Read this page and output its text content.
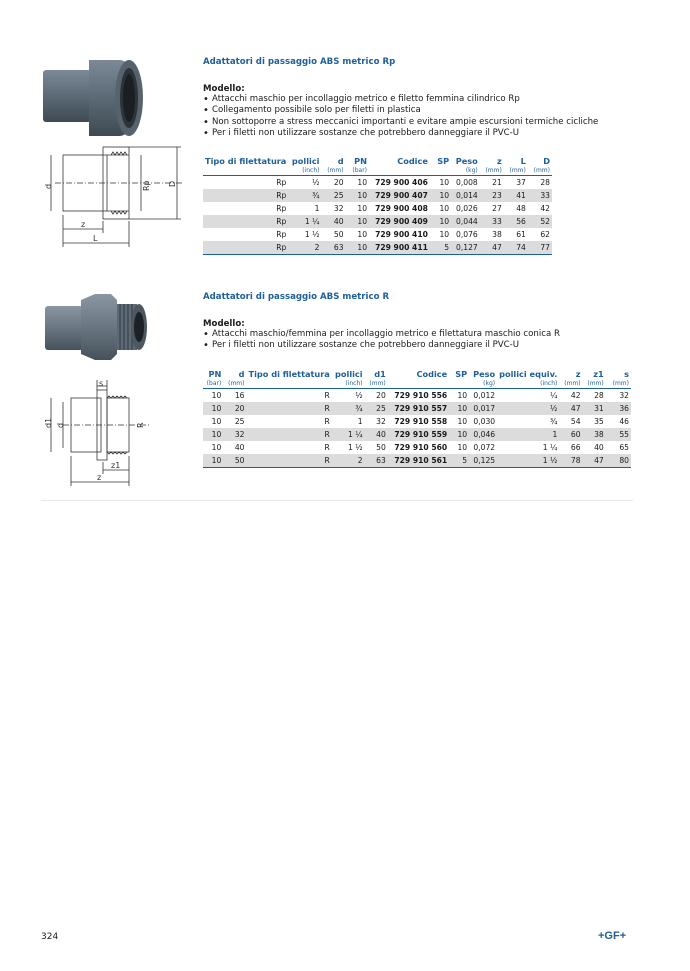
d	Rp D
z
L
Adattatori di passaggio ABS metrico Rp
Modello:
• Attacchi maschio per incollaggio metrico e filetto femmina cilindrico Rp
• Collegamento possibile solo per filetti in plastica
• Non sottoporre a stress meccanici importanti e evitare ampie escursioni termiche cicliche
• Per i filetti non utilizzare sostanze che potrebbero danneggiare il PVC-U
Tipo di filettatura	pollici	d	PN	Codice	SP	Peso	z	L	D
	(inch)	(mm)	(bar)			(kg)	(mm)	(mm)	(mm)
Rp	½	20	10	729 900 406	10	0,008	21	37	28
Rp	¾	25	10	729 900 407	10	0,014	23	41	33
Rp	1	32	10	729 900 408	10	0,026	27	48	42
Rp	1 ¼	40	10	729 900 409	10	0,044	33	56	52
Rp	1 ½	50	10	729 900 410	10	0,076	38	61	62
Rp	2	63	10	729 900 411	5	0,127	47	74	77
s
d1 d	R
z1
z
Adattatori di passaggio ABS metrico R
Modello:
• Attacchi maschio/femmina per incollaggio metrico e filettatura maschio conica R
• Per i filetti non utilizzare sostanze che potrebbero danneggiare il PVC-U
PN	d	Tipo di filettatura	pollici	d1	Codice	SP	Peso	pollici equiv.	z	z1	s
(bar)	(mm)		(inch)	(mm)			(kg)	(inch)	(mm)	(mm)	(mm)
10	16	R	½	20	729 910 556	10	0,012	¼	42	28	32
10	20	R	¾	25	729 910 557	10	0,017	½	47	31	36
10	25	R	1	32	729 910 558	10	0,030	¾	54	35	46
10	32	R	1 ¼	40	729 910 559	10	0,046	1	60	38	55
10	40	R	1 ½	50	729 910 560	10	0,072	1 ¼	66	40	65
10	50	R	2	63	729 910 561	5	0,125	1 ½	78	47	80
324	+GF+
